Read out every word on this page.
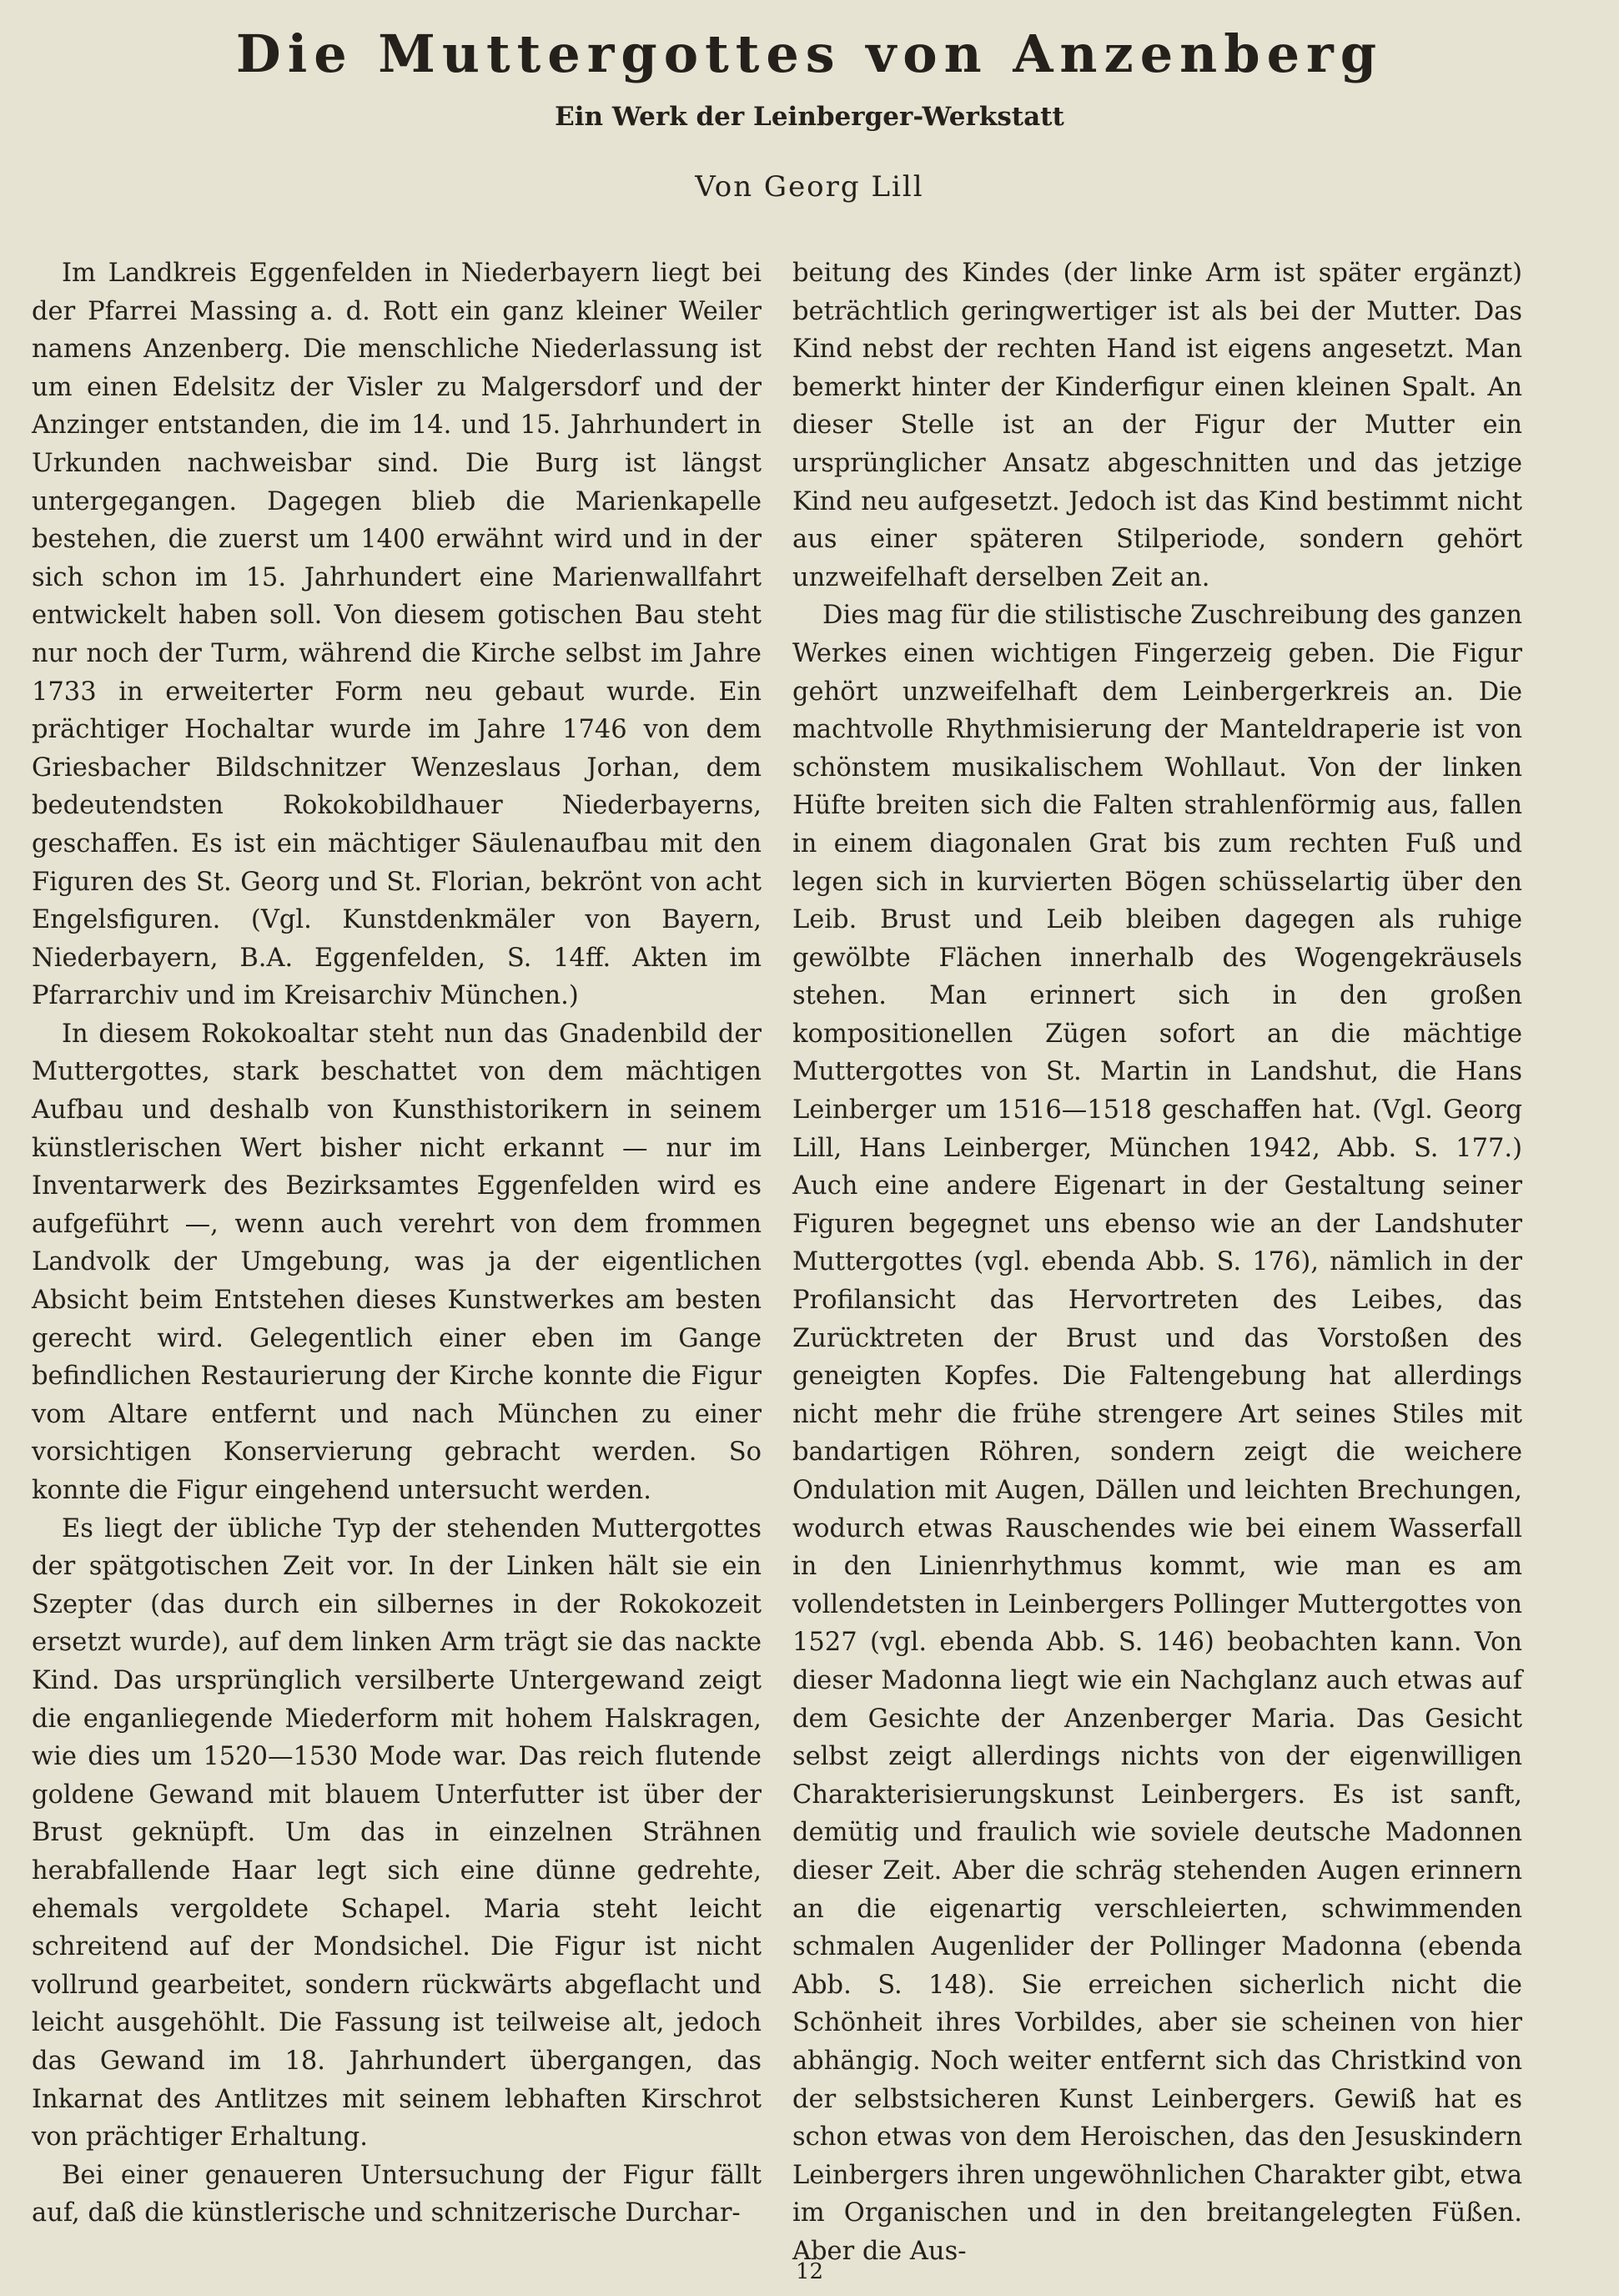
Die Muttergottes von Anzenberg
Ein Werk der Leinberger-Werkstatt

Von Georg Lill

Im Landkreis Eggenfelden in Niederbayern liegt bei der Pfarrei Massing a. d. Rott ein ganz kleiner Weiler namens Anzenberg. Die menschliche Niederlassung ist um einen Edelsitz der Visler zu Malgersdorf und der Anzinger entstanden, die im 14. und 15. Jahrhundert in Urkunden nachweisbar sind. Die Burg ist längst untergegangen. Dagegen blieb die Marienkapelle bestehen, die zuerst um 1400 erwähnt wird und in der sich schon im 15. Jahrhundert eine Marienwallfahrt entwickelt haben soll. Von diesem gotischen Bau steht nur noch der Turm, während die Kirche selbst im Jahre 1733 in erweiterter Form neu gebaut wurde. Ein prächtiger Hochaltar wurde im Jahre 1746 von dem Griesbacher Bildschnitzer Wenzeslaus Jorhan, dem bedeutendsten Rokokobildhauer Niederbayerns, geschaffen. Es ist ein mächtiger Säulenaufbau mit den Figuren des St. Georg und St. Florian, bekrönt von acht Engelsfiguren. (Vgl. Kunstdenkmäler von Bayern, Niederbayern, B.A. Eggenfelden, S. 14ff. Akten im Pfarrarchiv und im Kreisarchiv München.)

In diesem Rokokoaltar steht nun das Gnadenbild der Muttergottes, stark beschattet von dem mächtigen Aufbau und deshalb von Kunsthistorikern in seinem künstlerischen Wert bisher nicht erkannt — nur im Inventarwerk des Bezirksamtes Eggenfelden wird es aufgeführt —, wenn auch verehrt von dem frommen Landvolk der Umgebung, was ja der eigentlichen Absicht beim Entstehen dieses Kunstwerkes am besten gerecht wird. Gelegentlich einer eben im Gange befindlichen Restaurierung der Kirche konnte die Figur vom Altare entfernt und nach München zu einer vorsichtigen Konservierung gebracht werden. So konnte die Figur eingehend untersucht werden.

Es liegt der übliche Typ der stehenden Muttergottes der spätgotischen Zeit vor. In der Linken hält sie ein Szepter (das durch ein silbernes in der Rokokozeit ersetzt wurde), auf dem linken Arm trägt sie das nackte Kind. Das ursprünglich versilberte Untergewand zeigt die enganliegende Miederform mit hohem Halskragen, wie dies um 1520—1530 Mode war. Das reich flutende goldene Gewand mit blauem Unterfutter ist über der Brust geknüpft. Um das in einzelnen Strähnen herabfallende Haar legt sich eine dünne gedrehte, ehemals vergoldete Schapel. Maria steht leicht schreitend auf der Mondsichel. Die Figur ist nicht vollrund gearbeitet, sondern rückwärts abgeflacht und leicht ausgehöhlt. Die Fassung ist teilweise alt, jedoch das Gewand im 18. Jahrhundert übergangen, das Inkarnat des Antlitzes mit seinem lebhaften Kirschrot von prächtiger Erhaltung.

Bei einer genaueren Untersuchung der Figur fällt auf, daß die künstlerische und schnitzerische Durchar-

beitung des Kindes (der linke Arm ist später ergänzt) beträchtlich geringwertiger ist als bei der Mutter. Das Kind nebst der rechten Hand ist eigens angesetzt. Man bemerkt hinter der Kinderfigur einen kleinen Spalt. An dieser Stelle ist an der Figur der Mutter ein ursprünglicher Ansatz abgeschnitten und das jetzige Kind neu aufgesetzt. Jedoch ist das Kind bestimmt nicht aus einer späteren Stilperiode, sondern gehört unzweifelhaft derselben Zeit an.

Dies mag für die stilistische Zuschreibung des ganzen Werkes einen wichtigen Fingerzeig geben. Die Figur gehört unzweifelhaft dem Leinbergerkreis an. Die machtvolle Rhythmisierung der Manteldraperie ist von schönstem musikalischem Wohllaut. Von der linken Hüfte breiten sich die Falten strahlenförmig aus, fallen in einem diagonalen Grat bis zum rechten Fuß und legen sich in kurvierten Bögen schüsselartig über den Leib. Brust und Leib bleiben dagegen als ruhige gewölbte Flächen innerhalb des Wogengekräusels stehen. Man erinnert sich in den großen kompositionellen Zügen sofort an die mächtige Muttergottes von St. Martin in Landshut, die Hans Leinberger um 1516—1518 geschaffen hat. (Vgl. Georg Lill, Hans Leinberger, München 1942, Abb. S. 177.) Auch eine andere Eigenart in der Gestaltung seiner Figuren begegnet uns ebenso wie an der Landshuter Muttergottes (vgl. ebenda Abb. S. 176), nämlich in der Profilansicht das Hervortreten des Leibes, das Zurücktreten der Brust und das Vorstoßen des geneigten Kopfes. Die Faltengebung hat allerdings nicht mehr die frühe strengere Art seines Stiles mit bandartigen Röhren, sondern zeigt die weichere Ondulation mit Augen, Dällen und leichten Brechungen, wodurch etwas Rauschendes wie bei einem Wasserfall in den Linienrhythmus kommt, wie man es am vollendetsten in Leinbergers Pollinger Muttergottes von 1527 (vgl. ebenda Abb. S. 146) beobachten kann. Von dieser Madonna liegt wie ein Nachglanz auch etwas auf dem Gesichte der Anzenberger Maria. Das Gesicht selbst zeigt allerdings nichts von der eigenwilligen Charakterisierungskunst Leinbergers. Es ist sanft, demütig und fraulich wie soviele deutsche Madonnen dieser Zeit. Aber die schräg stehenden Augen erinnern an die eigenartig verschleierten, schwimmenden schmalen Augenlider der Pollinger Madonna (ebenda Abb. S. 148). Sie erreichen sicherlich nicht die Schönheit ihres Vorbildes, aber sie scheinen von hier abhängig. Noch weiter entfernt sich das Christkind von der selbstsicheren Kunst Leinbergers. Gewiß hat es schon etwas von dem Heroischen, das den Jesuskindern Leinbergers ihren ungewöhnlichen Charakter gibt, etwa im Organischen und in den breitangelegten Füßen. Aber die Aus-

12
